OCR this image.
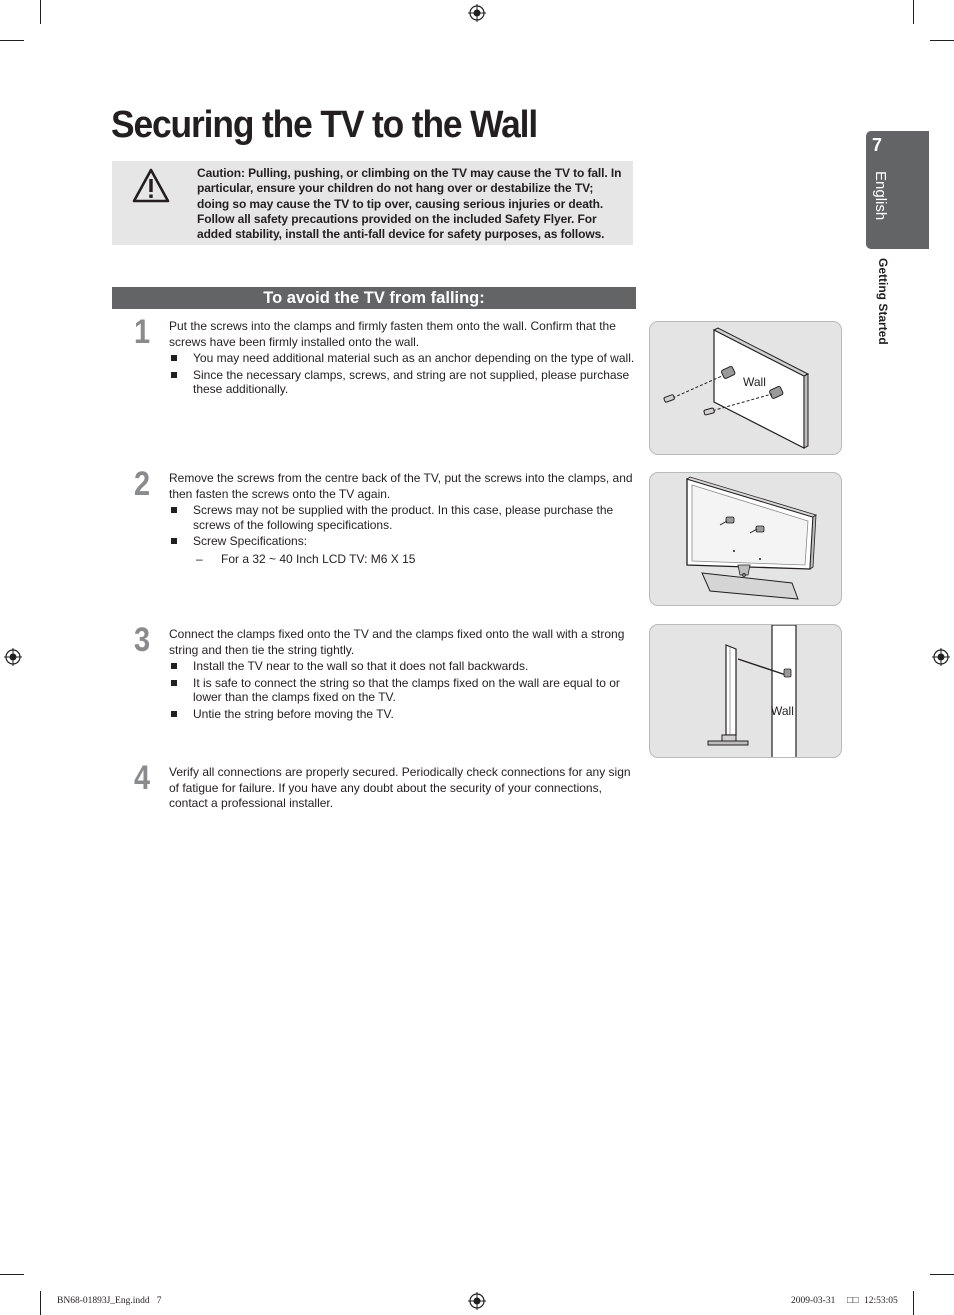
Securing the TV to the Wall	7
English
Getting Started
Caution: Pulling, pushing, or climbing on the TV may cause the TV to fall. In particular, ensure your children do not hang over or destabilize the TV; doing so may cause the TV to tip over, causing serious injuries or death. Follow all safety precautions provided on the included Safety Flyer. For added stability, install the anti-fall device for safety purposes, as follows.
To avoid the TV from falling:
1 Put the screws into the clamps and firmly fasten them onto the wall. Confirm that the screws have been firmly installed onto the wall.

You may need additional material such as an anchor depending on the type of wall.
Since the necessary clamps, screws, and string are not supplied, please purchase these additionally.
2 Remove the screws from the centre back of the TV, put the screws into the clamps, and then fasten the screws onto the TV again.

Screws may not be supplied with the product. In this case, please purchase the screws of the following specifications.
Screw Specifications:
– For a 32 ~ 40 Inch LCD TV: M6 X 15
3 Connect the clamps fixed onto the TV and the clamps fixed onto the wall with a strong string and then tie the string tightly.

Install the TV near to the wall so that it does not fall backwards.
It is safe to connect the string so that the clamps fixed on the wall are equal to or lower than the clamps fixed on the TV.
Untie the string before moving the TV.
4 Verify all connections are properly secured. Periodically check connections for any sign of fatigue for failure. If you have any doubt about the security of your connections, contact a professional installer.

Wall
Wall
BN68-01893J_Eng.indd   7	2009-03-31 □□ 12:53:05
